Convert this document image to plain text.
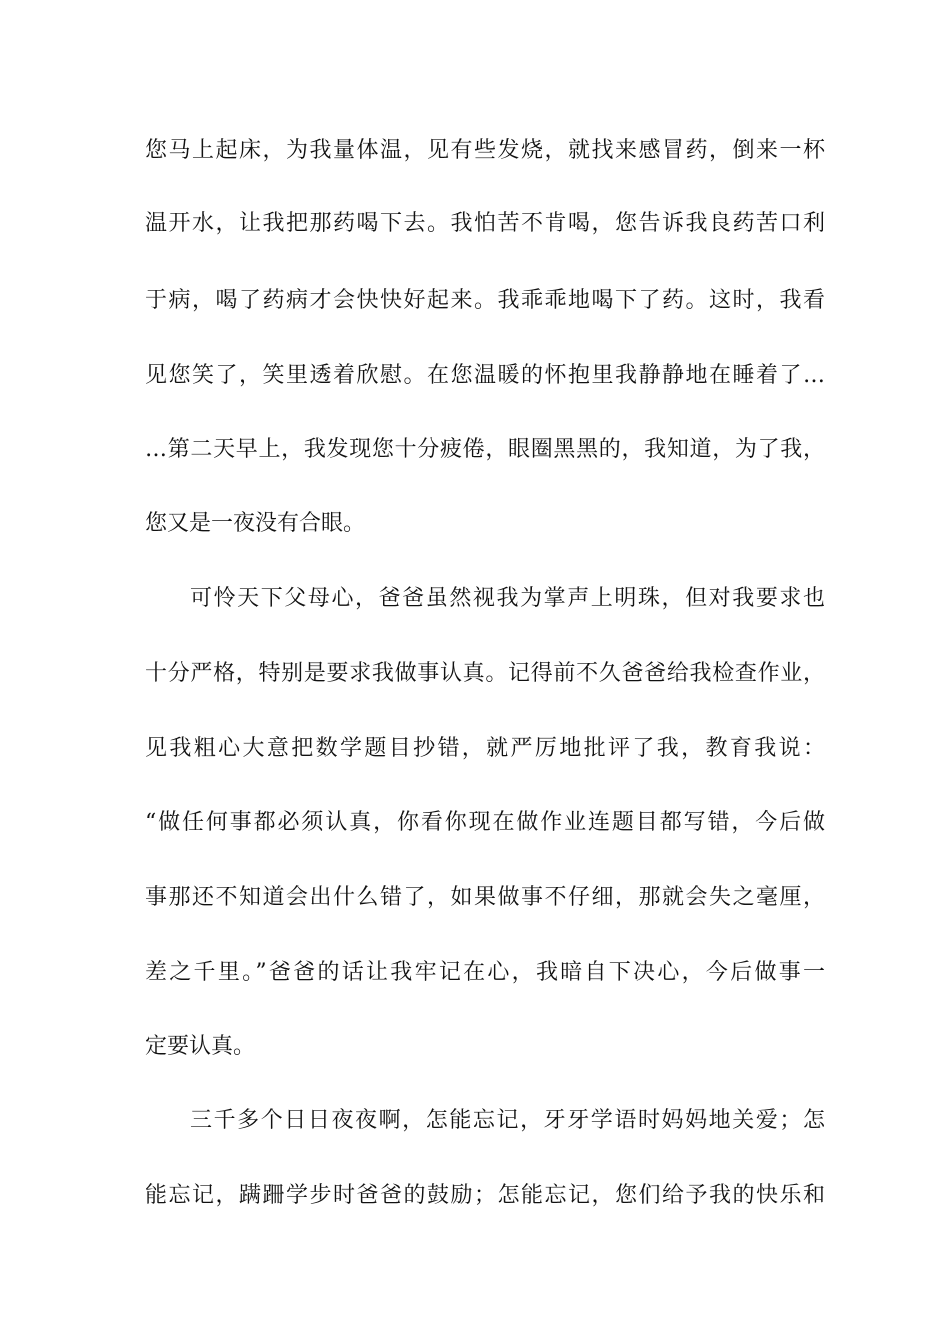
您马上起床，为我量体温，见有些发烧，就找来感冒药，倒来一杯
温开水，让我把那药喝下去。我怕苦不肯喝，您告诉我良药苦口利
于病，喝了药病才会快快好起来。我乖乖地喝下了药。这时，我看
见您笑了，笑里透着欣慰。在您温暖的怀抱里我静静地在睡着了…
…第二天早上，我发现您十分疲倦，眼圈黑黑的，我知道，为了我，
您又是一夜没有合眼。
可怜天下父母心，爸爸虽然视我为掌声上明珠，但对我要求也
十分严格，特别是要求我做事认真。记得前不久爸爸给我检查作业，
见我粗心大意把数学题目抄错，就严厉地批评了我，教育我说：
“做任何事都必须认真，你看你现在做作业连题目都写错，今后做
事那还不知道会出什么错了，如果做事不仔细，那就会失之毫厘，
差之千里。”爸爸的话让我牢记在心，我暗自下决心，今后做事一
定要认真。
三千多个日日夜夜啊，怎能忘记，牙牙学语时妈妈地关爱；怎
能忘记，蹒跚学步时爸爸的鼓励；怎能忘记，您们给予我的快乐和
